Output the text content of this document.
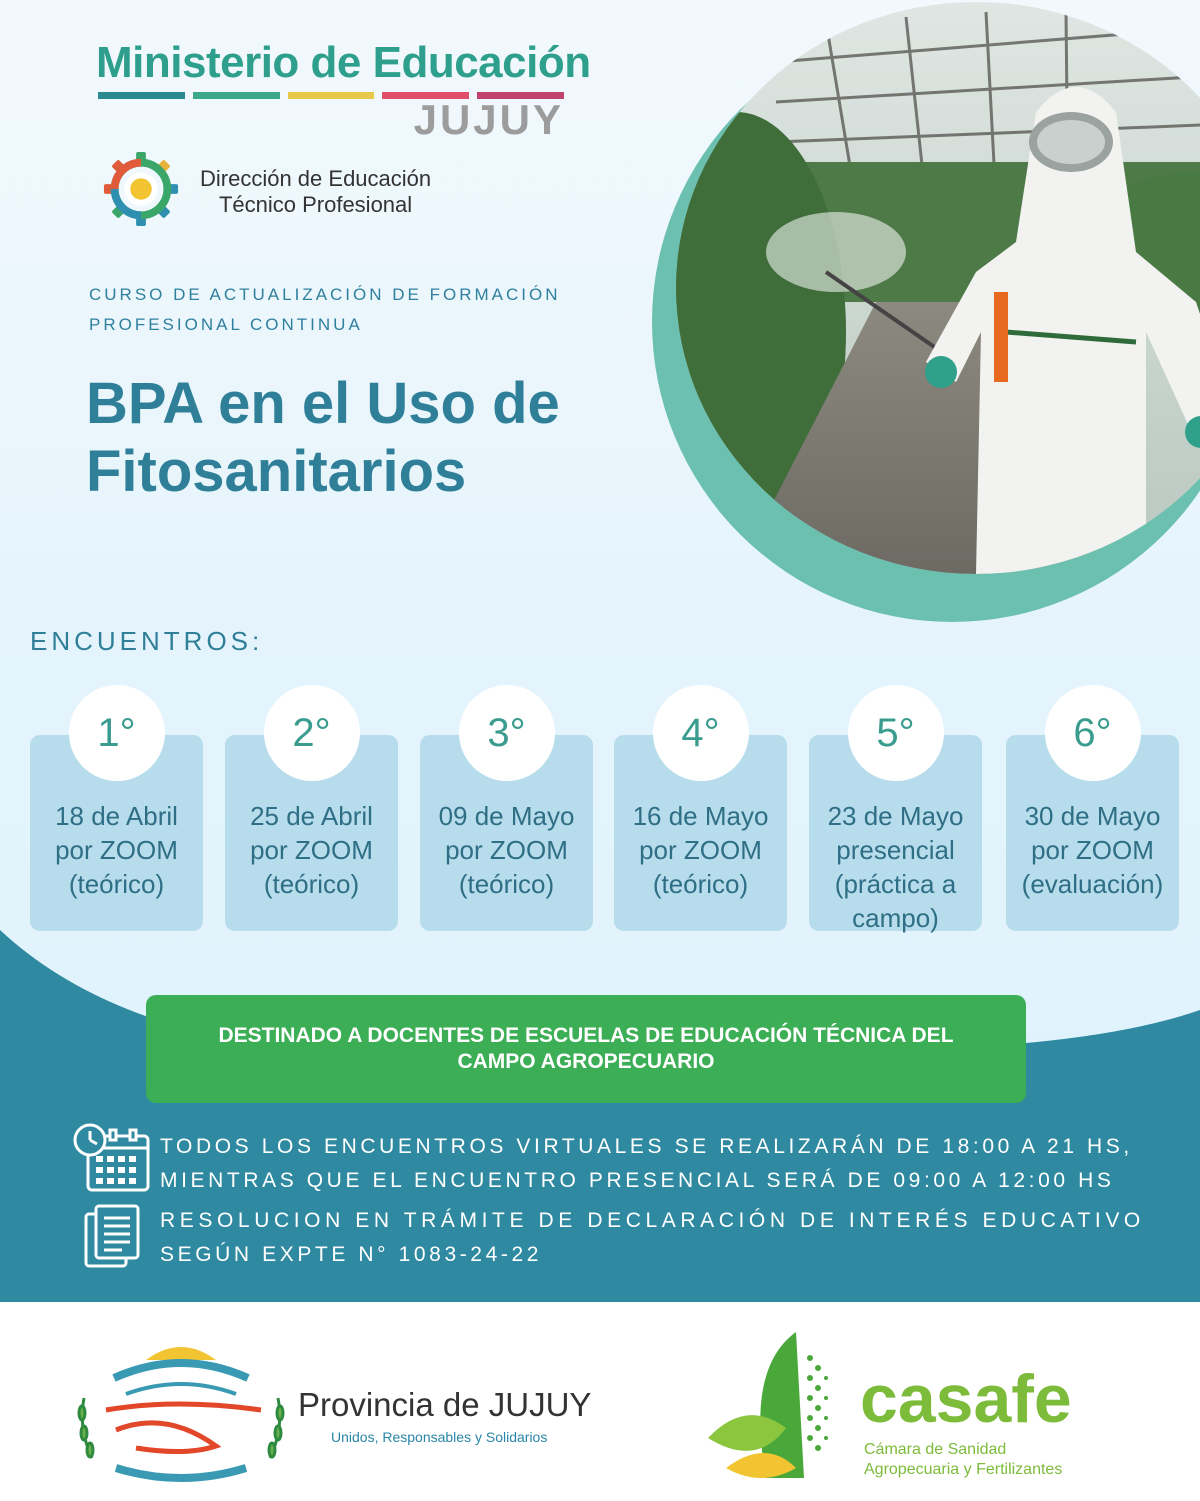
Ministerio de Educación
JUJUY
Dirección de Educación
Técnico Profesional
CURSO DE ACTUALIZACIÓN DE FORMACIÓN
PROFESIONAL CONTINUA
BPA en el Uso de
Fitosanitarios
ENCUENTROS:
1°
18 de Abril
por ZOOM
(teórico)
2°
25 de Abril
por ZOOM
(teórico)
3°
09 de Mayo
por ZOOM
(teórico)
4°
16 de Mayo
por ZOOM
(teórico)
5°
23 de Mayo
presencial
(práctica a
campo)
6°
30 de Mayo
por ZOOM
(evaluación)
DESTINADO A DOCENTES DE ESCUELAS DE EDUCACIÓN TÉCNICA DEL
CAMPO AGROPECUARIO
TODOS LOS ENCUENTROS VIRTUALES SE REALIZARÁN DE 18:00 A 21 HS,
MIENTRAS QUE EL ENCUENTRO PRESENCIAL SERÁ DE 09:00 A 12:00 HS
RESOLUCION EN TRÁMITE DE DECLARACIÓN DE INTERÉS EDUCATIVO
SEGÚN EXPTE N° 1083-24-22
Provincia de JUJUY
Unidos, Responsables y Solidarios	casafe
Cámara de Sanidad
Agropecuaria y Fertilizantes
